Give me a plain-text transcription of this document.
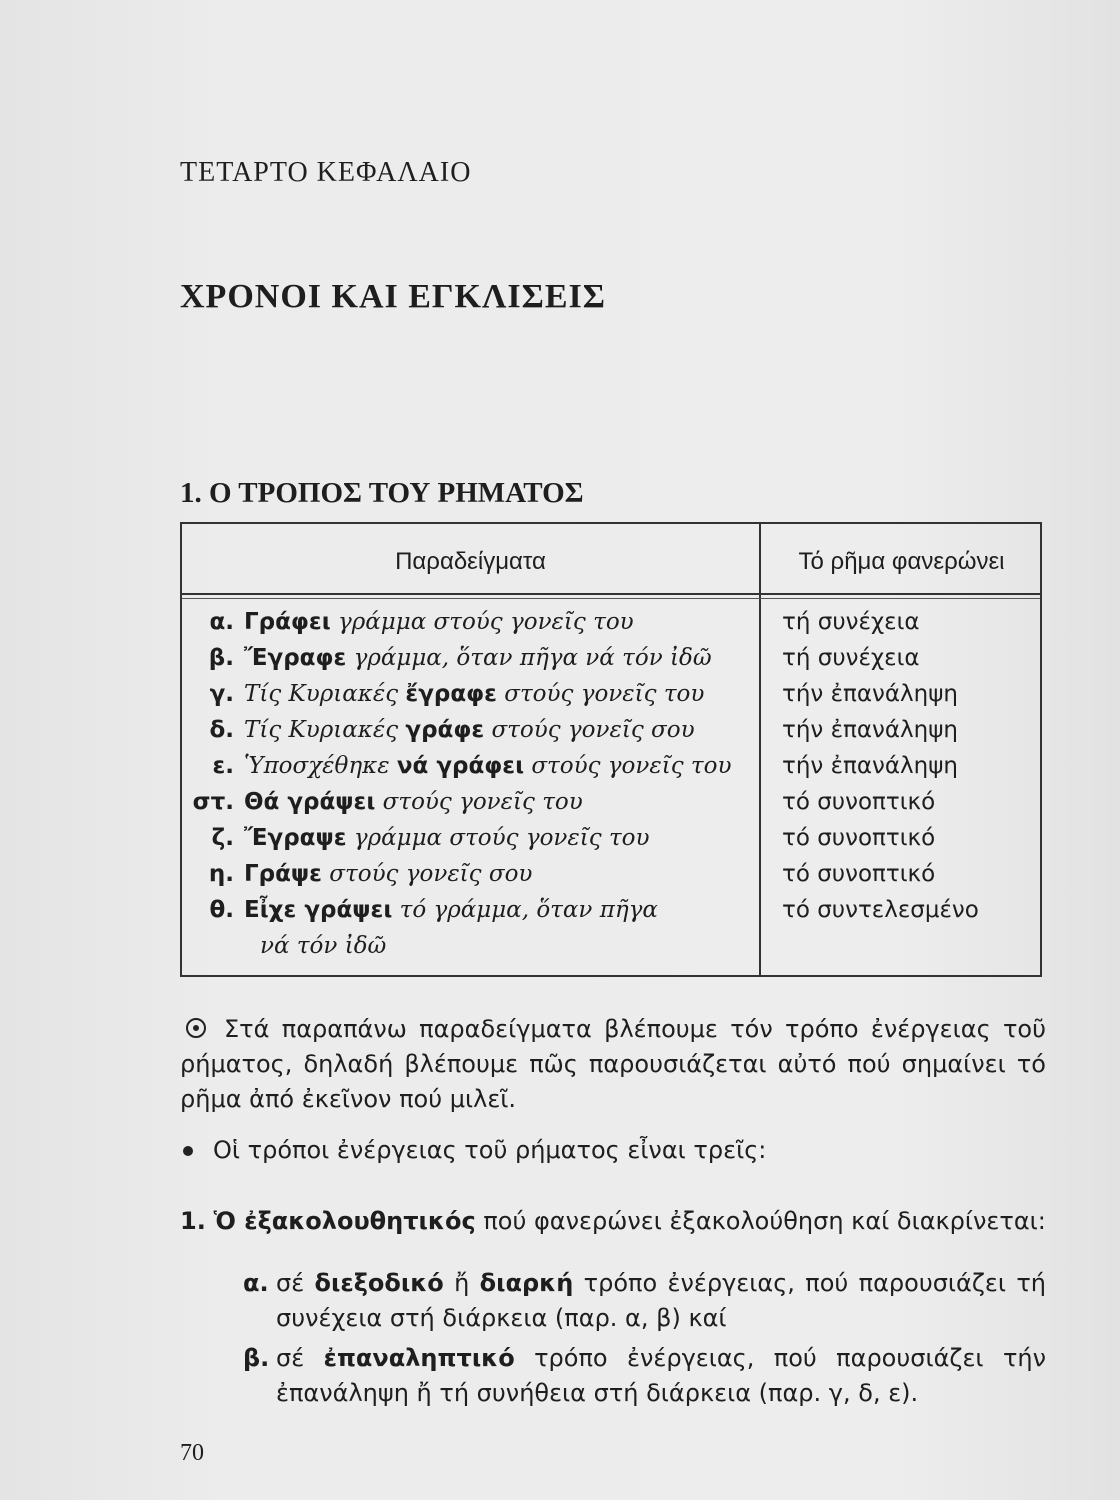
ΤΕΤΑΡΤΟ ΚΕΦΑΛΑΙΟ
ΧΡΟΝΟΙ ΚΑΙ ΕΓΚΛΙΣΕΙΣ
1. Ο ΤΡΟΠΟΣ ΤΟΥ ΡΗΜΑΤΟΣ
Παραδείγματα	Τό ρῆμα φανερώνει
α. Γράφει γράμμα στούς γονεῖς του
β. Ἔγραφε γράμμα, ὅταν πῆγα νά τόν ἰδῶ
γ. Τίς Κυριακές ἔγραφε στούς γονεῖς του
δ. Τίς Κυριακές γράφε στούς γονεῖς σου
ε. Ὑποσχέθηκε νά γράφει στούς γονεῖς του
στ. Θά γράψει στούς γονεῖς του
ζ. Ἔγραψε γράμμα στούς γονεῖς του
η. Γράψε στούς γονεῖς σου
θ. Εἶχε γράψει τό γράμμα, ὅταν πῆγα
νά τόν ἰδῶ
τή συνέχεια
τή συνέχεια
τήν ἐπανάληψη
τήν ἐπανάληψη
τήν ἐπανάληψη
τό συνοπτικό
τό συνοπτικό
τό συνοπτικό
τό συντελεσμένο
Στά παραπάνω παραδείγματα βλέπουμε τόν τρόπο ἐνέργειας τοῦ ρήματος, δηλαδή βλέπουμε πῶς παρουσιάζεται αὐτό πού σημαίνει τό ρῆμα ἀπό ἐκεῖνον πού μιλεῖ.
Οἱ τρόποι ἐνέργειας τοῦ ρήματος εἶναι τρεῖς:
1. Ὁ ἐξακολουθητικός πού φανερώνει ἐξακολούθηση καί διακρίνεται:
α. σέ διεξοδικό ἤ διαρκή τρόπο ἐνέργειας, πού παρουσιάζει τή συνέχεια στή διάρκεια (παρ. α, β) καί
β. σέ ἐπαναληπτικό τρόπο ἐνέργειας, πού παρουσιάζει τήν ἐπανάληψη ἤ τή συνήθεια στή διάρκεια (παρ. γ, δ, ε).
70
